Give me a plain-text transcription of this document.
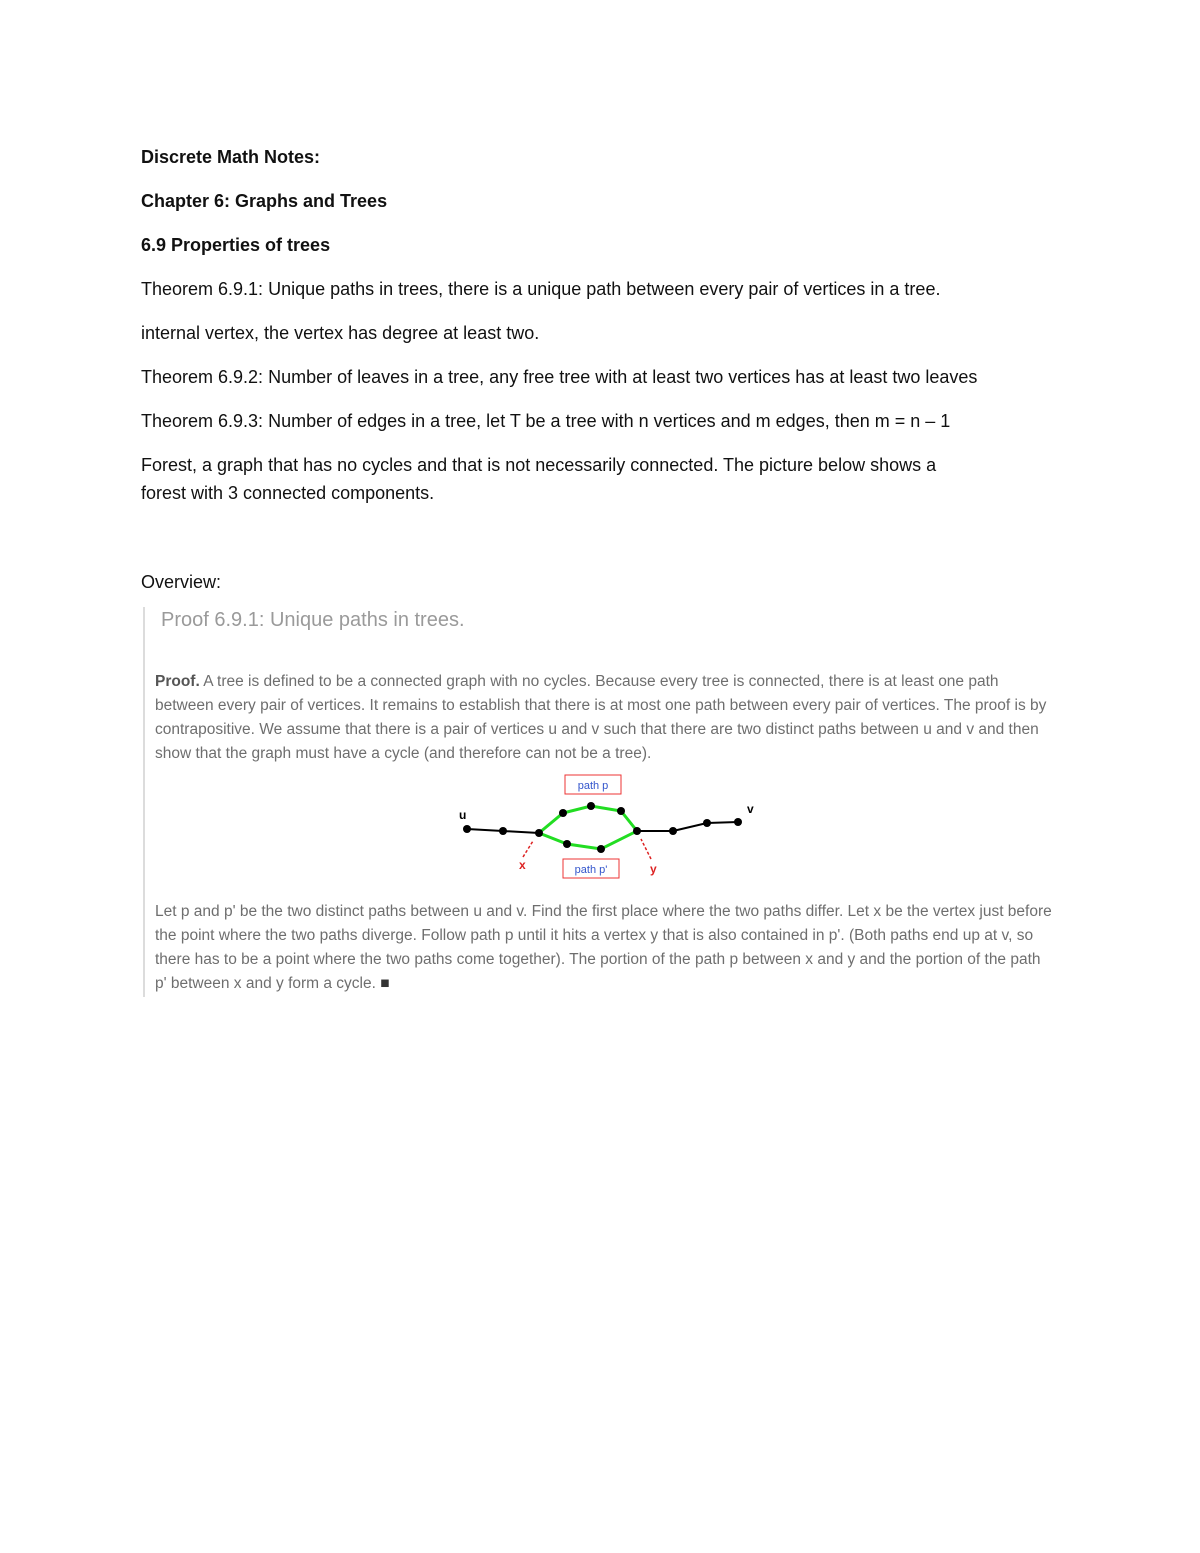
Discrete Math Notes:

Chapter 6: Graphs and Trees

6.9 Properties of trees

Theorem 6.9.1: Unique paths in trees, there is a unique path between every pair of vertices in a tree.

internal vertex, the vertex has degree at least two.

Theorem 6.9.2: Number of leaves in a tree, any free tree with at least two vertices has at least two leaves

Theorem 6.9.3: Number of edges in a tree, let T be a tree with n vertices and m edges, then m = n – 1

Forest, a graph that has no cycles and that is not necessarily connected. The picture below shows a
forest with 3 connected components.

Overview:

Proof 6.9.1: Unique paths in trees.
Proof. A tree is defined to be a connected graph with no cycles. Because every tree is connected, there is at least one path between every pair of vertices. It remains to establish that there is at most one path between every pair of vertices. The proof is by contrapositive. We assume that there is a pair of vertices u and v such that there are two distinct paths between u and v and then show that the graph must have a cycle (and therefore can not be a tree).
u	v
x	y
path p
path p'
Let p and p' be the two distinct paths between u and v. Find the first place where the two paths differ. Let x be the vertex just before the point where the two paths diverge. Follow path p until it hits a vertex y that is also contained in p'. (Both paths end up at v, so there has to be a point where the two paths come together). The portion of the path p between x and y and the portion of the path p' between x and y form a cycle. ■
